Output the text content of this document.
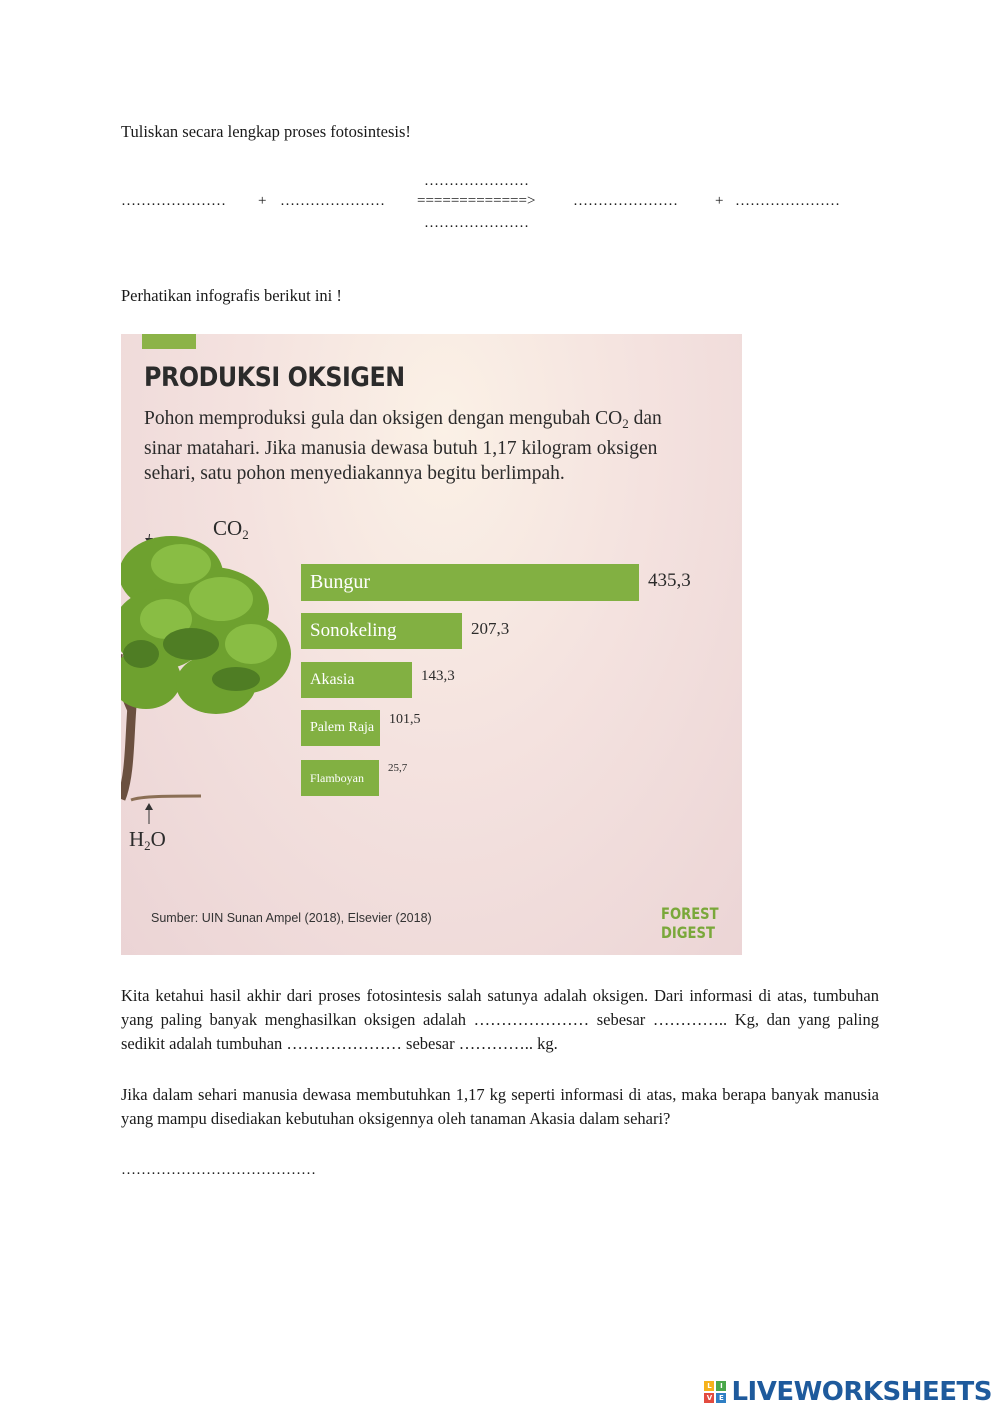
Tuliskan secara lengkap proses fotosintesis!
…………………
………………… + ………………… =============>	………………… + …………………
…………………
Perhatikan infografis berikut ini !
PRODUKSI OKSIGEN
Pohon memproduksi gula dan oksigen dengan mengubah $CO_2$ dan
sinar matahari. Jika manusia dewasa butuh 1,17 kilogram oksigen
sehari, satu pohon menyediakannya begitu berlimpah.
$CO_2$
$H_2O$
Bungur	435,3
Sonokeling	207,3
Akasia	143,3
Palem Raja
101,5
Flamboyan
25,7
Sumber: UIN Sunan Ampel (2018), Elsevier (2018)	FOREST
DIGEST
Kita ketahui hasil akhir dari proses fotosintesis salah satunya adalah oksigen. Dari informasi di atas, tumbuhan yang paling banyak menghasilkan oksigen adalah ………………… sebesar ………….. Kg, dan yang paling sedikit adalah tumbuhan ………………… sebesar ………….. kg.
Jika dalam sehari manusia dewasa membutuhkan 1,17 kg seperti informasi di atas, maka berapa banyak manusia yang mampu disediakan kebutuhan oksigennya oleh tanaman Akasia dalam sehari?
…………………………………
L	I
V E LIVEWORKSHEETS
